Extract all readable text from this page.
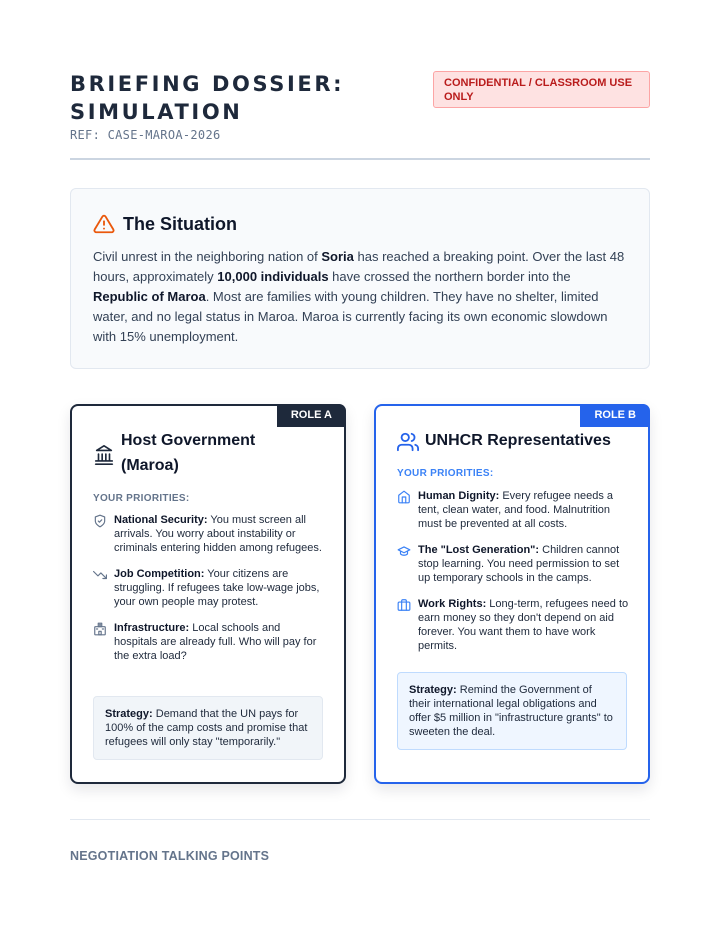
BRIEFING DOSSIER:
SIMULATION
REF: CASE-MAROA-2026
CONFIDENTIAL / CLASSROOM USE ONLY
The Situation

Civil unrest in the neighboring nation of Soria has reached a breaking point. Over the last 48 hours, approximately 10,000 individuals have crossed the northern border into the Republic of Maroa. Most are families with young children. They have no shelter, limited water, and no legal status in Maroa. Maroa is currently facing its own economic slowdown with 15% unemployment.

ROLE A
Host Government (Maroa)
YOUR PRIORITIES:
National Security: You must screen all arrivals. You worry about instability or criminals entering hidden among refugees.
Job Competition: Your citizens are struggling. If refugees take low-wage jobs, your own people may protest.
Infrastructure: Local schools and hospitals are already full. Who will pay for the extra load?
Strategy: Demand that the UN pays for 100% of the camp costs and promise that refugees will only stay "temporarily."
ROLE B
UNHCR Representatives
YOUR PRIORITIES:
Human Dignity: Every refugee needs a tent, clean water, and food. Malnutrition must be prevented at all costs.
The "Lost Generation": Children cannot stop learning. You need permission to set up temporary schools in the camps.
Work Rights: Long-term, refugees need to earn money so they don't depend on aid forever. You want them to have work permits.
Strategy: Remind the Government of their international legal obligations and offer $5 million in "infrastructure grants" to sweeten the deal.
NEGOTIATION TALKING POINTS
